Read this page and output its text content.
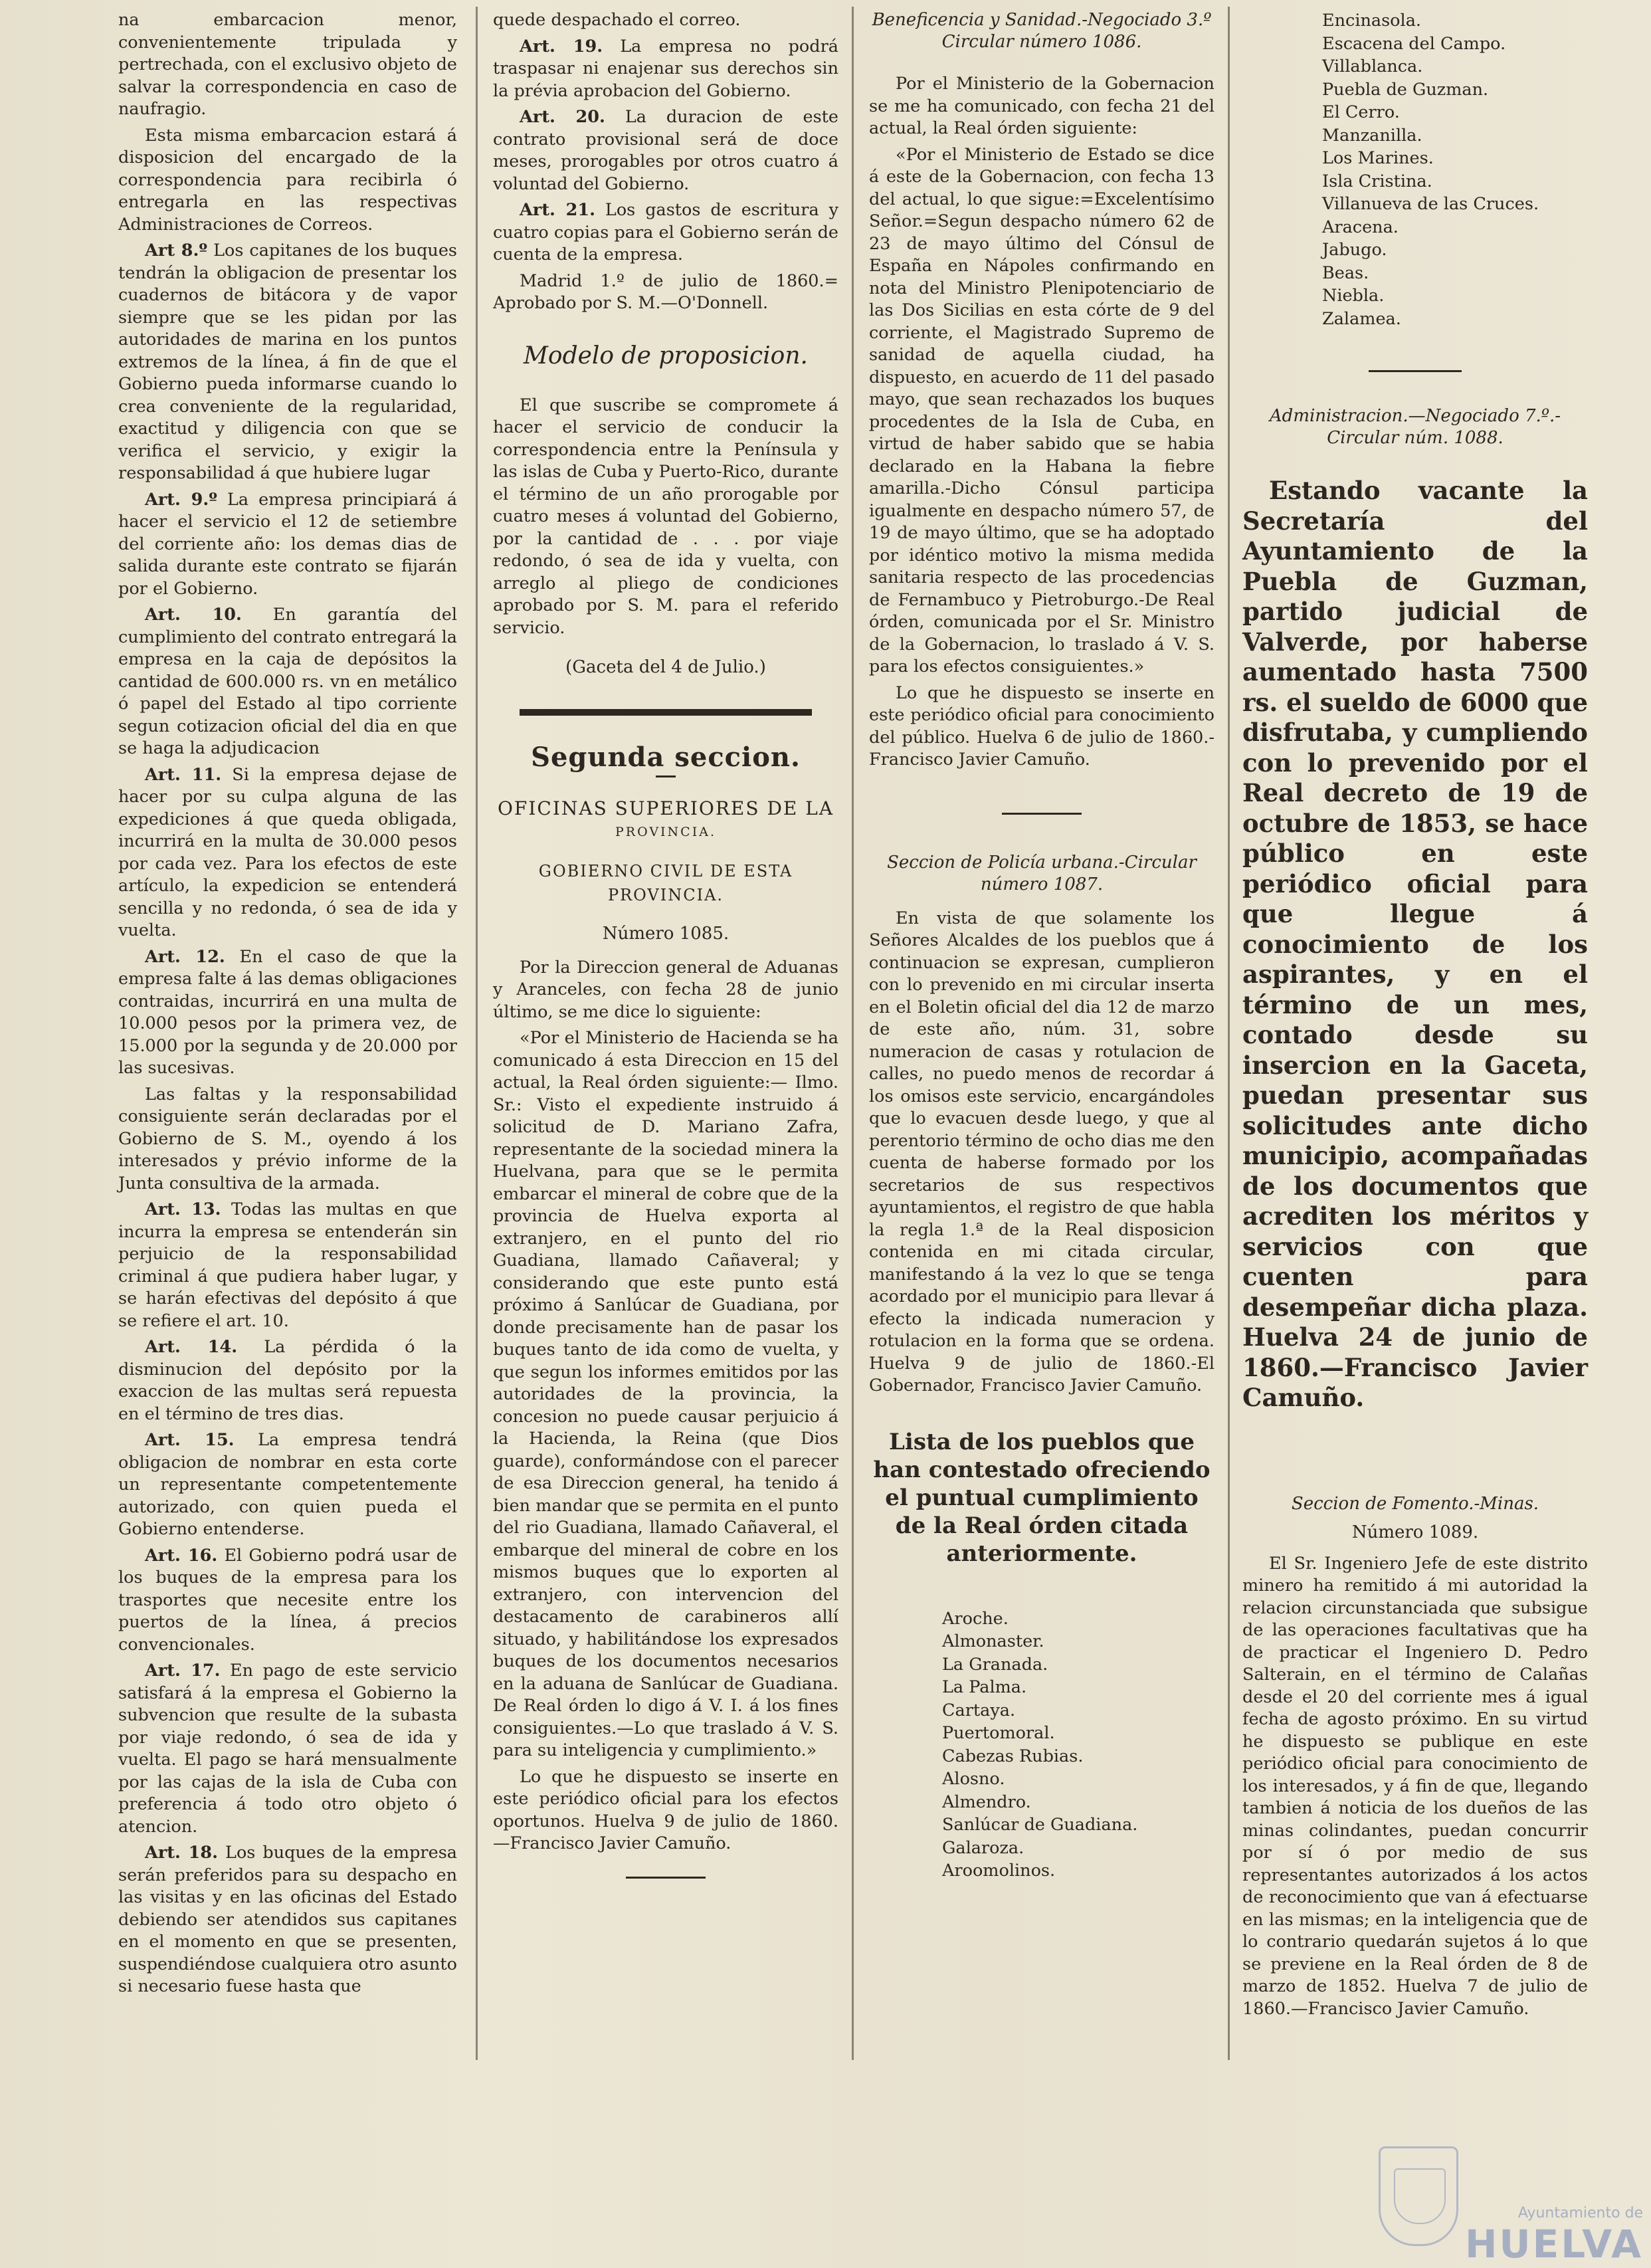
na embarcacion menor, convenientemente tripulada y pertrechada, con el exclusivo objeto de salvar la correspondencia en caso de naufragio.

Esta misma embarcacion estará á disposicion del encargado de la correspondencia para recibirla ó entregarla en las respectivas Administraciones de Correos.

Art 8.º Los capitanes de los buques tendrán la obligacion de presentar los cuadernos de bitácora y de vapor siempre que se les pidan por las autoridades de marina en los puntos extremos de la línea, á fin de que el Gobierno pueda informarse cuando lo crea conveniente de la regularidad, exactitud y diligencia con que se verifica el servicio, y exigir la responsabilidad á que hubiere lugar

Art. 9.º La empresa principiará á hacer el servicio el 12 de setiembre del corriente año: los demas dias de salida durante este contrato se fijarán por el Gobierno.

Art. 10. En garantía del cumplimiento del contrato entregará la empresa en la caja de depósitos la cantidad de 600.000 rs. vn en metálico ó papel del Estado al tipo corriente segun cotizacion oficial del dia en que se haga la adjudicacion

Art. 11. Si la empresa dejase de hacer por su culpa alguna de las expediciones á que queda obligada, incurrirá en la multa de 30.000 pesos por cada vez. Para los efectos de este artículo, la expedicion se entenderá sencilla y no redonda, ó sea de ida y vuelta.

Art. 12. En el caso de que la empresa falte á las demas obligaciones contraidas, incurrirá en una multa de 10.000 pesos por la primera vez, de 15.000 por la segunda y de 20.000 por las sucesivas.

Las faltas y la responsabilidad consiguiente serán declaradas por el Gobierno de S. M., oyendo á los interesados y prévio informe de la Junta consultiva de la armada.

Art. 13. Todas las multas en que incurra la empresa se entenderán sin perjuicio de la responsabilidad criminal á que pudiera haber lugar, y se harán efectivas del depósito á que se refiere el art. 10.

Art. 14. La pérdida ó la disminucion del depósito por la exaccion de las multas será repuesta en el término de tres dias.

Art. 15. La empresa tendrá obligacion de nombrar en esta corte un representante competentemente autorizado, con quien pueda el Gobierno entenderse.

Art. 16. El Gobierno podrá usar de los buques de la empresa para los trasportes que necesite entre los puertos de la línea, á precios convencionales.

Art. 17. En pago de este servicio satisfará á la empresa el Gobierno la subvencion que resulte de la subasta por viaje redondo, ó sea de ida y vuelta. El pago se hará mensualmente por las cajas de la isla de Cuba con preferencia á todo otro objeto ó atencion.

Art. 18. Los buques de la empresa serán preferidos para su despacho en las visitas y en las oficinas del Estado debiendo ser atendidos sus capitanes en el momento en que se presenten, suspendiéndose cualquiera otro asunto si necesario fuese hasta que

quede despachado el correo.

Art. 19. La empresa no podrá traspasar ni enajenar sus derechos sin la prévia aprobacion del Gobierno.

Art. 20. La duracion de este contrato provisional será de doce meses, prorogables por otros cuatro á voluntad del Gobierno.

Art. 21. Los gastos de escritura y cuatro copias para el Gobierno serán de cuenta de la empresa.

Madrid 1.º de julio de 1860.= Aprobado por S. M.—O'Donnell.

Modelo de proposicion.

El que suscribe se compromete á hacer el servicio de conducir la correspondencia entre la Península y las islas de Cuba y Puerto-Rico, durante el término de un año prorogable por cuatro meses á voluntad del Gobierno, por la cantidad de . . . por viaje redondo, ó sea de ida y vuelta, con arreglo al pliego de condiciones aprobado por S. M. para el referido servicio.

(Gaceta del 4 de Julio.)

Segunda seccion.

OFICINAS SUPERIORES DE LA

PROVINCIA.

GOBIERNO CIVIL DE ESTA PROVINCIA.

Número 1085.

Por la Direccion general de Aduanas y Aranceles, con fecha 28 de junio último, se me dice lo siguiente:

«Por el Ministerio de Hacienda se ha comunicado á esta Direccion en 15 del actual, la Real órden siguiente:— Ilmo. Sr.: Visto el expediente instruido á solicitud de D. Mariano Zafra, representante de la sociedad minera la Huelvana, para que se le permita embarcar el mineral de cobre que de la provincia de Huelva exporta al extranjero, en el punto del rio Guadiana, llamado Cañaveral; y considerando que este punto está próximo á Sanlúcar de Guadiana, por donde precisamente han de pasar los buques tanto de ida como de vuelta, y que segun los informes emitidos por las autoridades de la provincia, la concesion no puede causar perjuicio á la Hacienda, la Reina (que Dios guarde), conformándose con el parecer de esa Direccion general, ha tenido á bien mandar que se permita en el punto del rio Guadiana, llamado Cañaveral, el embarque del mineral de cobre en los mismos buques que lo exporten al extranjero, con intervencion del destacamento de carabineros allí situado, y habilitándose los expresados buques de los documentos necesarios en la aduana de Sanlúcar de Guadiana. De Real órden lo digo á V. I. á los fines consiguientes.—Lo que traslado á V. S. para su inteligencia y cumplimiento.»

Lo que he dispuesto se inserte en este periódico oficial para los efectos oportunos. Huelva 9 de julio de 1860. —Francisco Javier Camuño.

Beneficencia y Sanidad.-Negociado 3.º

Circular número 1086.

Por el Ministerio de la Gobernacion se me ha comunicado, con fecha 21 del actual, la Real órden siguiente:

«Por el Ministerio de Estado se dice á este de la Gobernacion, con fecha 13 del actual, lo que sigue:=Excelentísimo Señor.=Segun despacho número 62 de 23 de mayo último del Cónsul de España en Nápoles confirmando en nota del Ministro Plenipotenciario de las Dos Sicilias en esta córte de 9 del corriente, el Magistrado Supremo de sanidad de aquella ciudad, ha dispuesto, en acuerdo de 11 del pasado mayo, que sean rechazados los buques procedentes de la Isla de Cuba, en virtud de haber sabido que se habia declarado en la Habana la fiebre amarilla.-Dicho Cónsul participa igualmente en despacho número 57, de 19 de mayo último, que se ha adoptado por idéntico motivo la misma medida sanitaria respecto de las procedencias de Fernambuco y Pietroburgo.-De Real órden, comunicada por el Sr. Ministro de la Gobernacion, lo traslado á V. S. para los efectos consiguientes.»

Lo que he dispuesto se inserte en este periódico oficial para conocimiento del público. Huelva 6 de julio de 1860.-Francisco Javier Camuño.

Seccion de Policía urbana.-Circular número 1087.

En vista de que solamente los Señores Alcaldes de los pueblos que á continuacion se expresan, cumplieron con lo prevenido en mi circular inserta en el Boletin oficial del dia 12 de marzo de este año, núm. 31, sobre numeracion de casas y rotulacion de calles, no puedo menos de recordar á los omisos este servicio, encargándoles que lo evacuen desde luego, y que al perentorio término de ocho dias me den cuenta de haberse formado por los secretarios de sus respectivos ayuntamientos, el registro de que habla la regla 1.ª de la Real disposicion contenida en mi citada circular, manifestando á la vez lo que se tenga acordado por el municipio para llevar á efecto la indicada numeracion y rotulacion en la forma que se ordena. Huelva 9 de julio de 1860.-El Gobernador, Francisco Javier Camuño.

Lista de los pueblos que han contestado ofreciendo el puntual cumplimiento de la Real órden citada anteriormente.

Aroche.
Almonaster.
La Granada.
La Palma.
Cartaya.
Puertomoral.
Cabezas Rubias.
Alosno.
Almendro.
Sanlúcar de Guadiana.
Galaroza.
Aroomolinos.
Encinasola.
Escacena del Campo.
Villablanca.
Puebla de Guzman.
El Cerro.
Manzanilla.
Los Marines.
Isla Cristina.
Villanueva de las Cruces.
Aracena.
Jabugo.
Beas.
Niebla.
Zalamea.

Administracion.—Negociado 7.º.-Circular núm. 1088.

Estando vacante la Secretaría del Ayuntamiento de la Puebla de Guzman, partido judicial de Valverde, por haberse aumentado hasta 7500 rs. el sueldo de 6000 que disfrutaba, y cumpliendo con lo prevenido por el Real decreto de 19 de octubre de 1853, se hace público en este periódico oficial para que llegue á conocimiento de los aspirantes, y en el término de un mes, contado desde su insercion en la Gaceta, puedan presentar sus solicitudes ante dicho municipio, acompañadas de los documentos que acrediten los méritos y servicios con que cuenten para desempeñar dicha plaza. Huelva 24 de junio de 1860.—Francisco Javier Camuño.

Seccion de Fomento.-Minas.

Número 1089.

El Sr. Ingeniero Jefe de este distrito minero ha remitido á mi autoridad la relacion circunstanciada que subsigue de las operaciones facultativas que ha de practicar el Ingeniero D. Pedro Salterain, en el término de Calañas desde el 20 del corriente mes á igual fecha de agosto próximo. En su virtud he dispuesto se publique en este periódico oficial para conocimiento de los interesados, y á fin de que, llegando tambien á noticia de los dueños de las minas colindantes, puedan concurrir por sí ó por medio de sus representantes autorizados á los actos de reconocimiento que van á efectuarse en las mismas; en la inteligencia que de lo contrario quedarán sujetos á lo que se previene en la Real órden de 8 de marzo de 1852. Huelva 7 de julio de 1860.—Francisco Javier Camuño.

Ayuntamiento de
HUELVA
